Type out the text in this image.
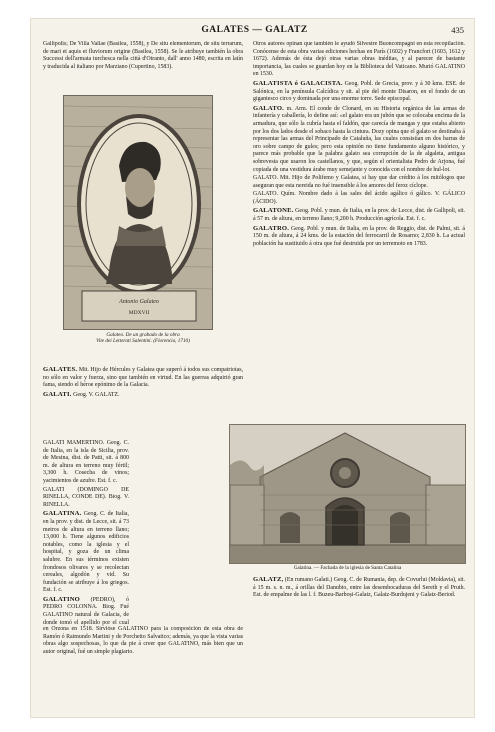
GALATES — GALATZ	435

Gallipolis; De Villa Vallae (Basilea, 1558), y De situ elementorum, de situ terrarum, de mari et aquis et fluviorum origine (Basilea, 1558). Se le atribuye también la obra Successi dell'armata turchesca nella città d'Otranto, dall' anno 1480, escrita en latín y traducida al italiano por Marziano (Cupertino, 1583).

Antonio Galateo
MDXVII
Galateo. De un grabado de la obra
Vite dei Letterati Salentini. (Florencia, 1710)

GALATES. Mit. Hijo de Hércules y Galatea que superó á todos sus compatriotas, no sólo en valor y fuerza, sino que también en virtud. En las guerras adquirió gran fama, siendo el héroe epónimo de la Galacia.

GALATI. Geog. V. GALATZ.

GALATI MAMERTINO. Geog. C. de Italia, en la isla de Sicilia, prov. de Mesina, dist. de Patti, sit. á 800 m. de altura en terreno muy fértil; 3,300 h. Cosecha de vinos; yacimientos de azufre. Est. f. c.

GALATI (DOMINGO DE RINELLA, CONDE DE). Biog. V. RINELLA.

GALATINA. Geog. C. de Italia, en la prov. y dist. de Lecce, sit. á 73 metros de altura en terreno llano; 13,000 h. Tiene algunos edificios notables, como la iglesia y el hospital, y goza de un clima salubre. En sus términos existen frondosos olivares y se recolectan cereales, algodón y vid. Su fundación se atribuye á los griegos. Est. f. c.

GALATINO (PEDRO), ó PEDRO COLONNA. Biog. Fué GALATINO natural de Galacia, de donde tomó el apellido por el cual

en Orzona en 1518. Sirvióse GALATINO para la composición de esta obra de Ramón ó Raimundo Martini y de Porchetto Salvatico; además, ya que la vista varias obras algo sospechosas, lo que da pie á creer que GALATINO, más bien que un autor original, fué un simple plagiario.

Otros autores opinan que también le ayudó Silvestre Buoncompagni en esta recopilación. Conócense de esta obra varias ediciones hechas en París (1602) y Francfort (1603, 1612 y 1672). Además de ésta dejó otras varias obras inéditas, y al parecer de bastante importancia, las cuales se guardan hoy en la Biblioteca del Vaticano. Murió GALATINO en 1530.

GALATISTA ó GALACISTA. Geog. Pobl. de Grecia, prov. y á 30 kms. ESE. de Salónica, en la península Calcídica y sit. al pie del monte Disaron, en el fondo de un gigantesco circo y dominada por una enorme torre. Sede episcopal.

GALATO. m. Arm. El conde de Clonard, en su Historia orgánica de las armas de infantería y caballería, lo define así: «el galato era un jubón que se colocaba encima de la armadura, que sólo la cubría hasta el faldón, que carecía de mangas y que estaba abierto por los dos lados desde el sobaco hasta la cintura. Dozy opina que el galato se destinaba á representar las armas del Principado de Cataluña, las cuales consistían en dos barras de oro sobre campo de gules; pero esta opinión no tiene fundamento alguno histórico, y parece más probable que la palabra galato sea corrupción de la de algaleta, antigua sobrevesta que usaron los castellanos, y que, según el orientalista Pedro de Arjona, fué copiada de una vestidura árabe muy semejante y conocida con el nombre de hul-lot.

GALATO. Mit. Hijo de Polifemo y Galatea, si hay que dar crédito á los mitólogos que aseguran que esta nereida no fué insensible á los amores del feroz cíclope.

GALATO. Quím. Nombre dado á las sales del ácido agálico ó gálico. V. GÁLICO (ÁCIDO).

GALATONE. Geog. Pobl. y mun. de Italia, en la prov. de Lecce, dist. de Gallipoli, sit. á 57 m. de altura, en terreno llano; 9,200 h. Producción agrícola. Est. f. c.

GALATRO. Geog. Pobl. y mun. de Italia, en la prov. de Reggio, dist. de Palmi, sit. á 150 m. de altura, á 24 kms. de la estación del ferrocarril de Rosarno; 2,830 h. La actual población ha sustituido á otra que fué destruida por un terremoto en 1783.

Galatina. — Fachada de la iglesia de Santa Catalina

GALATZ, (En rumano Galati.) Geog. C. de Rumania, dep. de Covurlui (Moldavia), sit. á 15 m. s. n. m., á orillas del Danubio, entre las desembocaduras del Sereth y el Pruth. Est. de empalme de las l. f. Buzeu-Barboși-Galatz, Galatz-Burdujeni y Galatz-Beriod.
